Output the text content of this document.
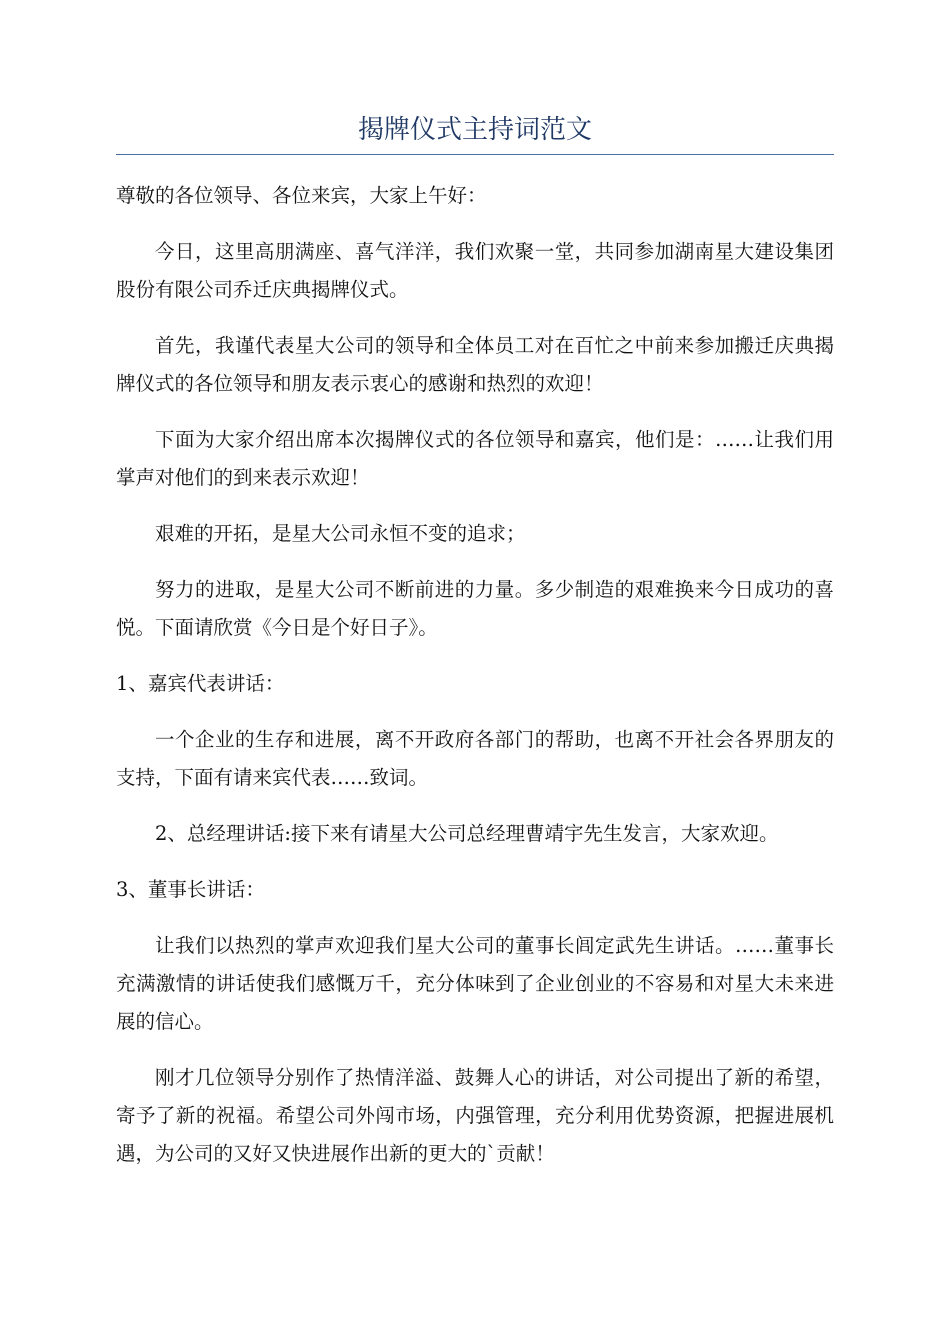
揭牌仪式主持词范文

尊敬的各位领导、各位来宾，大家上午好：

今日，这里高朋满座、喜气洋洋，我们欢聚一堂，共同参加湖南星大建设集团股份有限公司乔迁庆典揭牌仪式。

首先，我谨代表星大公司的领导和全体员工对在百忙之中前来参加搬迁庆典揭牌仪式的各位领导和朋友表示衷心的感谢和热烈的欢迎！

下面为大家介绍出席本次揭牌仪式的各位领导和嘉宾，他们是：……让我们用掌声对他们的到来表示欢迎！

艰难的开拓，是星大公司永恒不变的追求；

努力的进取，是星大公司不断前进的力量。多少制造的艰难换来今日成功的喜悦。下面请欣赏《今日是个好日子》。

1、嘉宾代表讲话：

一个企业的生存和进展，离不开政府各部门的帮助，也离不开社会各界朋友的支持，下面有请来宾代表……致词。

2、总经理讲话:接下来有请星大公司总经理曹靖宇先生发言，大家欢迎。

3、董事长讲话：

让我们以热烈的掌声欢迎我们星大公司的董事长闾定武先生讲话。……董事长充满激情的讲话使我们感慨万千，充分体味到了企业创业的不容易和对星大未来进展的信心。

刚才几位领导分别作了热情洋溢、鼓舞人心的讲话，对公司提出了新的希望，寄予了新的祝福。希望公司外闯市场，内强管理，充分利用优势资源，把握进展机遇，为公司的又好又快进展作出新的更大的`贡献！
